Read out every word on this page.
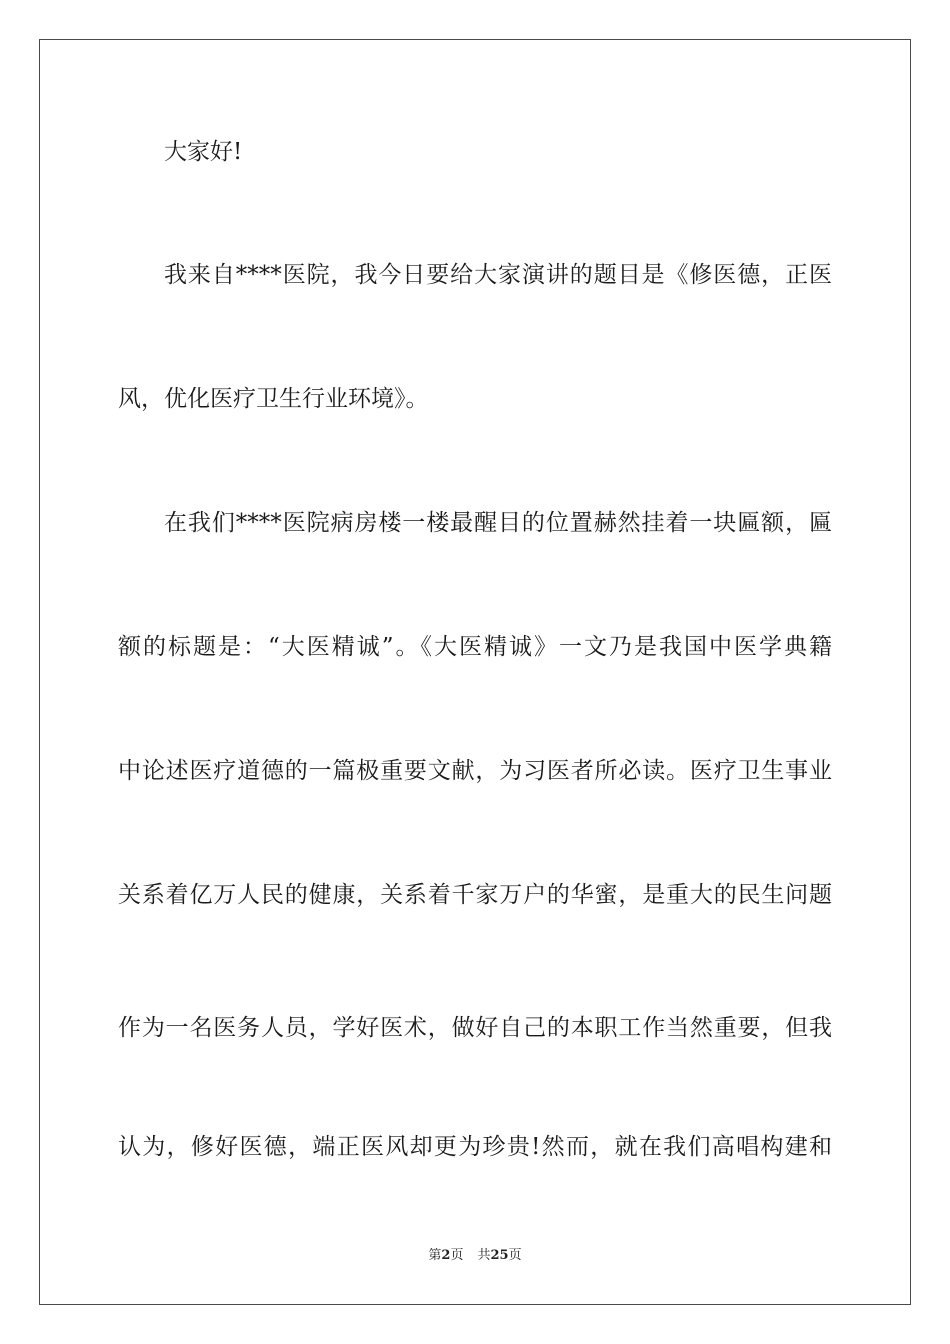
大家好!
我来自****医院，我今日要给大家演讲的题目是《修医德，正医
风，优化医疗卫生行业环境》。
在我们****医院病房楼一楼最醒目的位置赫然挂着一块匾额，匾
额的标题是：“大医精诚”。《大医精诚》一文乃是我国中医学典籍
中论述医疗道德的一篇极重要文献，为习医者所必读。医疗卫生事业
关系着亿万人民的健康，关系着千家万户的华蜜，是重大的民生问题
作为一名医务人员，学好医术，做好自己的本职工作当然重要，但我
认为，修好医德，端正医风却更为珍贵!然而，就在我们高唱构建和
第2页 共25页
